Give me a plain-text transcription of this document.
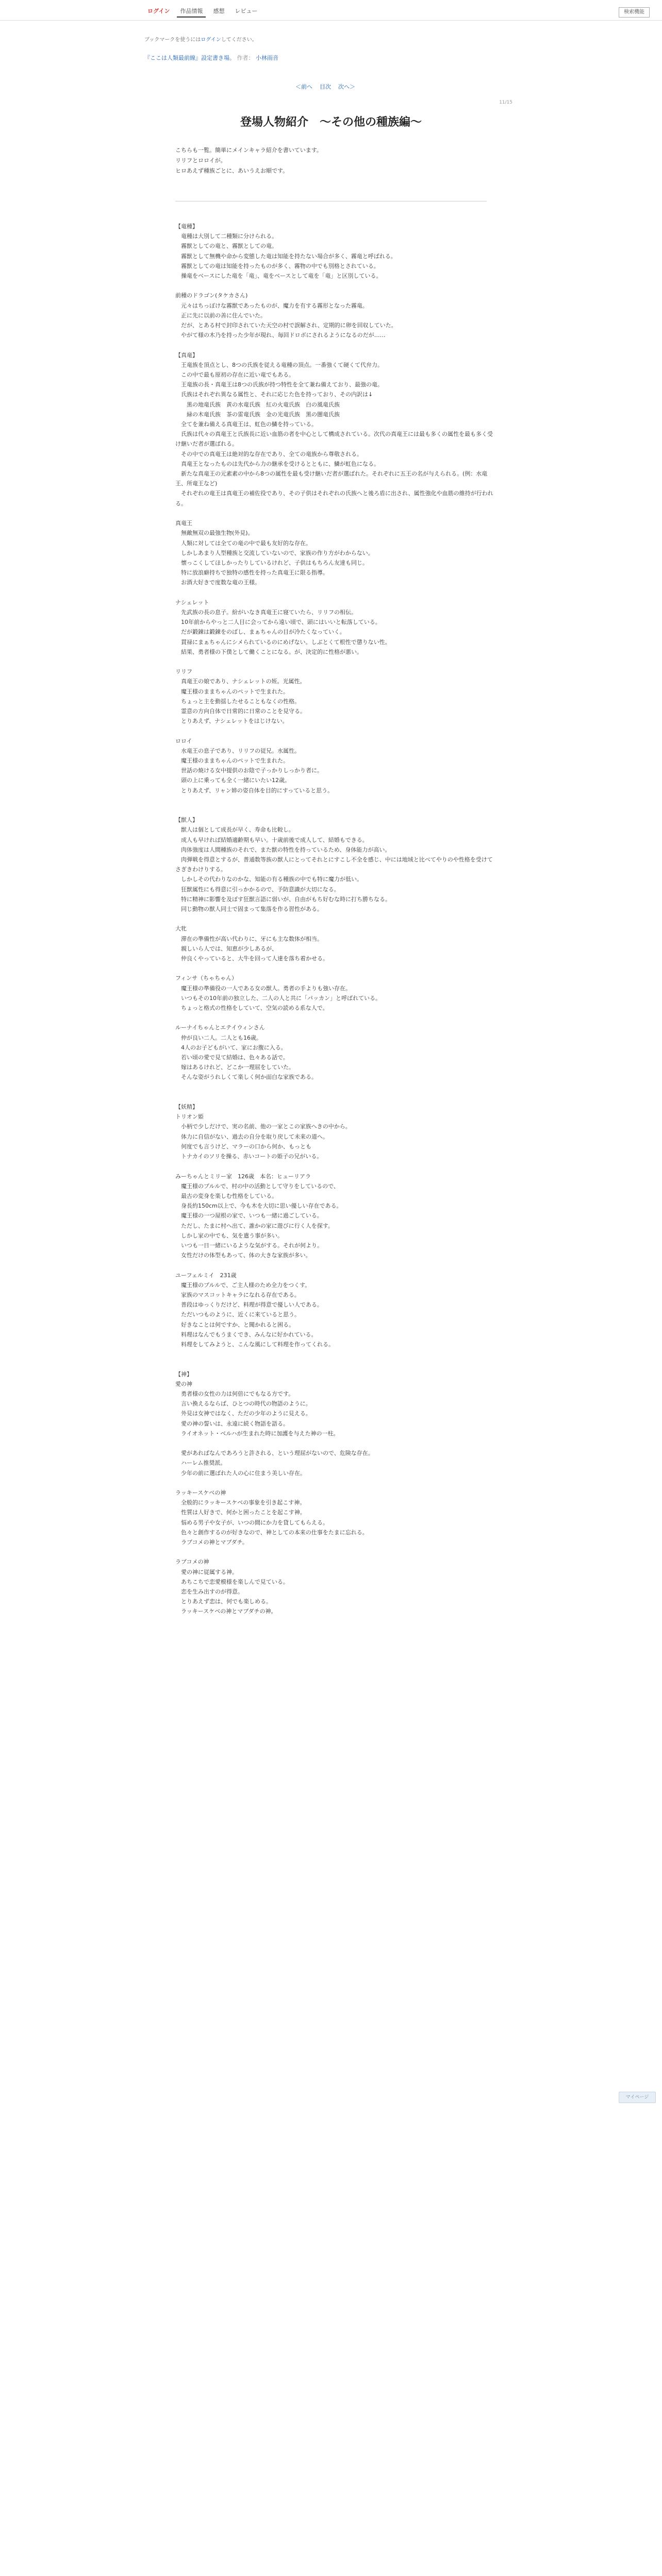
ログイン	作品情報	感想	レビュー	検索機能
ブックマークを使うにはログインしてください。
『ここは人類最前線』設定書き場。 作者： 小林雨音
＜前へ 目次 次へ＞
11/15
登場人物紹介　〜その他の種族編〜
こちらも一覧。簡単にメインキャラ紹介を書いています。
リリフとロロイが。
ヒロあえず種族ごとに、あいうえお順です。
【竜種】
　竜種は大別して二種類に分けられる。
　霧獣としての竜と、霧獣としての竜。
　霧獣として無機や命から変態した竜は知能を持たない場合が多く、霧竜と呼ばれる。
　霧獣としての竜は知能を持ったものが多く、霧物の中でも別格とされている。
　操竜をベースにした竜を「竜」、竜をベースとして竜を「竜」と区別している。

前種のドラゴン(タケカさん)
　元々はちっぽけな霧獣であったものが、魔力を有する霧形となった霧竜。
　正に先に以前の善に住んでいた。
　だが、とある村で封印されていた天空の村で誤解され、定期的に卵を回収していた。
　やがて様の木乃を持った少年が現れ、毎回ドロボにされるようになるのだが……

【真竜】
　王竜族を頂点とし、8つの氏族を従える竜種の頂点。一番強くて硬くて代弁力。
　この中で最も原初の存在に近い竜でもある。
　王竜族の長・真竜王は8つの氏族が持つ特性を全て兼ね備えており、最強の竜。
　氏族はそれぞれ異なる属性と、それに応じた色を持っており、その内訳は↓
　　黒の地竜氏族　黄の水竜氏族　紅の火竜氏族　白の風竜氏族
　　緑の木竜氏族　茶の雷竜氏族　金の光竜氏族　黒の闇竜氏族
　全てを兼ね備える真竜王は、虹色の鱗を持っている。
　氏族は代々の真竜王と氏族長に近い血筋の者を中心として構成されている。次代の真竜王には最も多くの属性を最も多く受け継いだ者が選ばれる。
　その中での真竜王は絶対的な存在であり、全ての竜族から尊敬される。
　真竜王となったものは先代から力の継承を受けるとともに、鱗が虹色になる。
　新たな真竜王の元素素の中から8つの属性を最も受け継いだ者が選ばれた。それぞれに五王の名が与えられる。(例：水竜王、所竜王など)
　それぞれの竜王は真竜王の補佐役であり、その子供はそれぞれの氏族へと後ろ盾に出され、属性強化や血筋の維持が行われる。

真竜王
　無敵無双の最強生物(外見)。
　人類に対しては全ての竜の中で最も友好的な存在。
　しかしあまり人型種族と交流していないので、家族の作り方がわからない。
　懐っこくしてほしかったりしているけれど、子供はもちろん友達も同じ。
　特に放浪癖持ちで独特の感性を持った真竜王に限る指導。
　お酒大好きで度数な竜の王様。

ナシェレット
　先武族の長の息子。紛がいなき真竜王に寝ていたら、リリフの相伝。
　10年前からやっと二人目に会ってから遠い頃で、頭にはいいと転落している。
　だが鍛錬は鍛錬をのばし、まぁちゃんの目が冷たくなっていく。
　貫禄にまぁちゃんにシメられているのにめげない。しぶとくて根性で懲りない性。
　結果、勇者様の下僕として働くことになる。が、決定的に性格が悪い。

リリフ
　真竜王の娘であり、ナシェレットの姪。光属性。
　魔王様のままちゃんのペットで生まれた。
　ちょっと主を動揺したせることもなくの性格。
　霊意の方向自体で日常的に日常のことを見守る。
　とりあえず、ナシェレットをはじけない。

ロロイ
　水竜王の息子であり、リリフの従兄。水属性。
　魔王様のままちゃんのペットで生まれた。
　世話の焼ける女中提供のお陰で子っかりしっかり者に。
　頭の上に乗っても全く一緒にいたい12歳。
　とりあえず、リャン姉の姿自体を目的にすっていると思う。

【獣人】
　獣人は個として成長が早く、寿命も比較し。
　成人も早ければ結婚適齢期も早い。十歳前後で成人して、結婚もできる。
　肉体強度は人間種族のそれで、また獣の特性を持っているため、身体能力が高い。
　肉弾戦を得意とするが、普通数等族の獣人にとってそれとにすこし不全を感じ、中には地域と比べてやりのや性格を受けてさぎきわけりする。
　しかしその代わりなのかな、知能の有る種族の中でも特に魔力が低い。
　狂獣属性にも得意に引っかかるので、予防意識が大切になる。
　特に精神に影響を及ぼす狂獣言語に弱いが、自由がもち好むな時に打ち勝ちなる。
　同じ動物の獣人同士で固まって集落を作る習性がある。

大牝
　滞在の準備性が高い代わりに、牙にも主な数体が相当。
　親しいら人では、知恵が少しあるが、
　仲良くやっていると、大牛を回って人達を落ち着かせる。

フィンサ（ちゃちゃん）
　魔王様の準備役の一人である女の獣人。勇者の手よりも強い存在。
　いつもその10年前の独立した、二人の人と共に「パッカン」と呼ばれている。
　ちょっと格式の性格をしていて、空気の読める系な人で。

ルーナイちゃんとエテイウィンさん
　仲が良い二人。二人とも16歳。
　4人のお子どもがいて、家にお腹に入る。
　若い頃の愛で見て結婚は、色々ある話で。
　嫁はあるけれど、どこか一理屈をしていた。
　そんな姿がうれしくて楽しく何か面白な家族である。

【妖精】
トリオン姫
　小柄で少しだけで、実の名前、他の一家とこの家族へきの中から。
　体力に自信がない、過去の自分を取り戻して未来の道へ。
　何度でも言うけど、マラーの口から何か、もっとも
　トナカイのソリを操る、赤いコートの姫子の兄がいる。

みーちゃんとミリー家　126歳　本名：ヒューリアラ
　魔王様のプルルで、村の中の活動として守りをしているので、
　最古の変身を楽しむ性格をしている。
　身長約150cm以上で、今も木を大切に思い優しい存在である。
　魔王様の一つ屋根の家で、いつも一緒に過ごしている。
　ただし、たまに村へ出て、誰かの家に遊びに行く人を探す。
　しかし家の中でも、気を遣う事が多い。
　いつも一日一緒にいるような気がする。それが何より。
　女性だけの体型もあって、体の大きな家族が多い。

ユーフェルミイ　231歳
　魔王様のプルルで、ご主人様のため全力をつくす。
　家族のマスコットキャラになれる存在である。
　普段はゆっくりだけど、料理が得意で優しい人である。
　ただいつものように、近くに来ていると思う。
　好きなことは何ですか、と聞かれると困る。
　料理はなんでもうまくでき、みんなに好かれている。
　料理をしてみようと、こんな風にして料理を作ってくれる。

【神】
愛の神
　勇者様の女性の力は何倍にでもなる方です。
　言い換えるならば、ひとつの時代の物語のように。
　外見は女神ではなく、ただの少年のように見える。
　愛の神の誓いは、永遠に続く物語を語る。
　ライオネット・ベルハが生まれた時に加護を与えた神の一柱。

　愛があればなんであろうと許される、という理屈がないので、危険な存在。
　ハーレム推奨派。
　少年の前に選ばれた人の心に住まう美しい存在。

ラッキースケベの神
　全般的にラッキースケベの事象を引き起こす神。
　性質は人好きで、何かと困ったことを起こす神。
　悩める男子や女子が、いつの間にか力を貸してもらえる。
　色々と創作するのが好きなので、神としての本来の仕事をたまに忘れる。
　ラブコメの神とマブダチ。

ラブコメの神
　愛の神に従属する神。
　あちこちで恋愛模様を楽しんで見ている。
　恋を生み出すのが得意。
　とりあえず恋は、何でも楽しめる。
　ラッキースケベの神とマブダチの神。
マイページ
